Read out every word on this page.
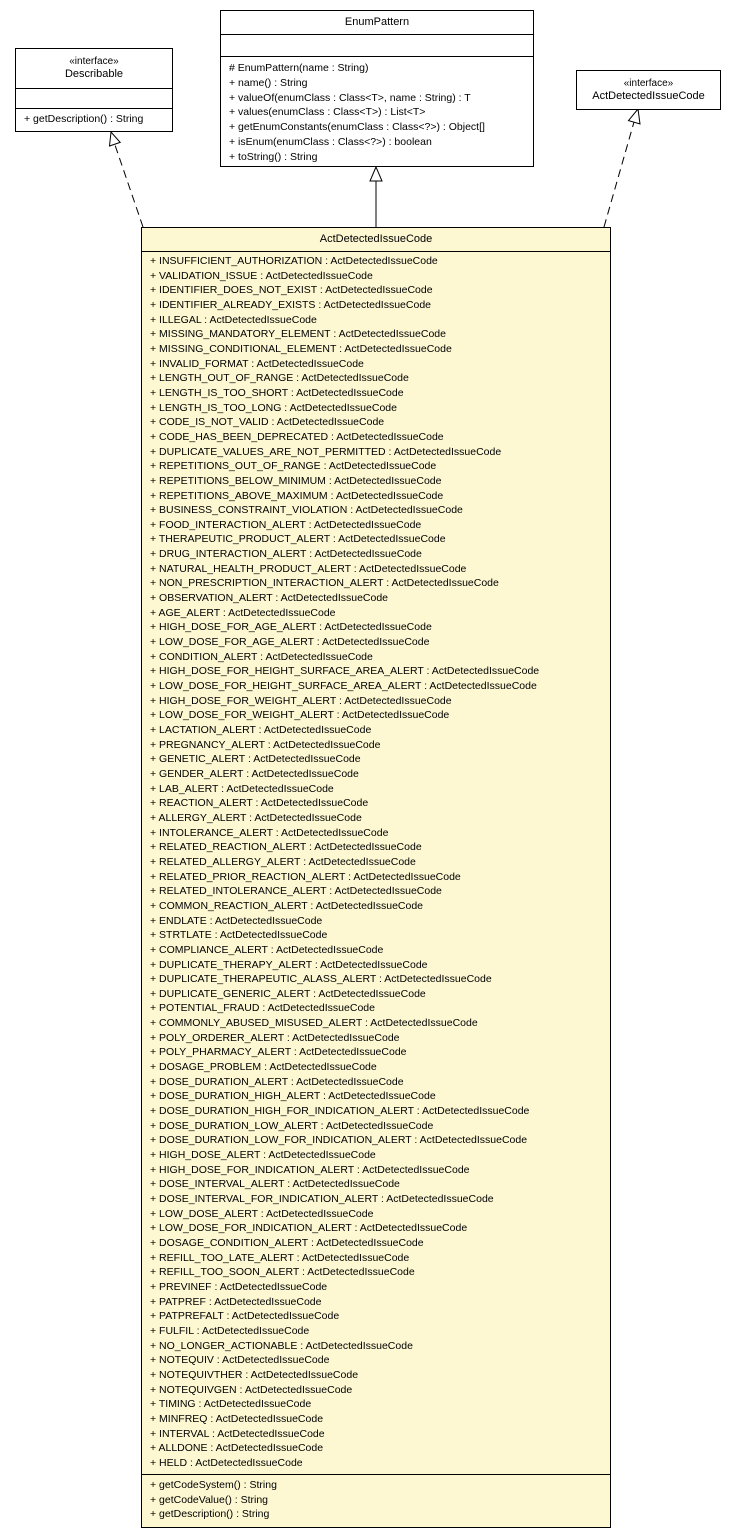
«interface»
Describable
+ getDescription() : String
EnumPattern
# EnumPattern(name : String)
+ name() : String
+ valueOf(enumClass : Class<T>, name : String) : T
+ values(enumClass : Class<T>) : List<T>
+ getEnumConstants(enumClass : Class<?>) : Object[]
+ isEnum(enumClass : Class<?>) : boolean
+ toString() : String
«interface»
ActDetectedIssueCode
ActDetectedIssueCode
+ INSUFFICIENT_AUTHORIZATION : ActDetectedIssueCode
+ VALIDATION_ISSUE : ActDetectedIssueCode
+ IDENTIFIER_DOES_NOT_EXIST : ActDetectedIssueCode
+ IDENTIFIER_ALREADY_EXISTS : ActDetectedIssueCode
+ ILLEGAL : ActDetectedIssueCode
+ MISSING_MANDATORY_ELEMENT : ActDetectedIssueCode
+ MISSING_CONDITIONAL_ELEMENT : ActDetectedIssueCode
+ INVALID_FORMAT : ActDetectedIssueCode
+ LENGTH_OUT_OF_RANGE : ActDetectedIssueCode
+ LENGTH_IS_TOO_SHORT : ActDetectedIssueCode
+ LENGTH_IS_TOO_LONG : ActDetectedIssueCode
+ CODE_IS_NOT_VALID : ActDetectedIssueCode
+ CODE_HAS_BEEN_DEPRECATED : ActDetectedIssueCode
+ DUPLICATE_VALUES_ARE_NOT_PERMITTED : ActDetectedIssueCode
+ REPETITIONS_OUT_OF_RANGE : ActDetectedIssueCode
+ REPETITIONS_BELOW_MINIMUM : ActDetectedIssueCode
+ REPETITIONS_ABOVE_MAXIMUM : ActDetectedIssueCode
+ BUSINESS_CONSTRAINT_VIOLATION : ActDetectedIssueCode
+ FOOD_INTERACTION_ALERT : ActDetectedIssueCode
+ THERAPEUTIC_PRODUCT_ALERT : ActDetectedIssueCode
+ DRUG_INTERACTION_ALERT : ActDetectedIssueCode
+ NATURAL_HEALTH_PRODUCT_ALERT : ActDetectedIssueCode
+ NON_PRESCRIPTION_INTERACTION_ALERT : ActDetectedIssueCode
+ OBSERVATION_ALERT : ActDetectedIssueCode
+ AGE_ALERT : ActDetectedIssueCode
+ HIGH_DOSE_FOR_AGE_ALERT : ActDetectedIssueCode
+ LOW_DOSE_FOR_AGE_ALERT : ActDetectedIssueCode
+ CONDITION_ALERT : ActDetectedIssueCode
+ HIGH_DOSE_FOR_HEIGHT_SURFACE_AREA_ALERT : ActDetectedIssueCode
+ LOW_DOSE_FOR_HEIGHT_SURFACE_AREA_ALERT : ActDetectedIssueCode
+ HIGH_DOSE_FOR_WEIGHT_ALERT : ActDetectedIssueCode
+ LOW_DOSE_FOR_WEIGHT_ALERT : ActDetectedIssueCode
+ LACTATION_ALERT : ActDetectedIssueCode
+ PREGNANCY_ALERT : ActDetectedIssueCode
+ GENETIC_ALERT : ActDetectedIssueCode
+ GENDER_ALERT : ActDetectedIssueCode
+ LAB_ALERT : ActDetectedIssueCode
+ REACTION_ALERT : ActDetectedIssueCode
+ ALLERGY_ALERT : ActDetectedIssueCode
+ INTOLERANCE_ALERT : ActDetectedIssueCode
+ RELATED_REACTION_ALERT : ActDetectedIssueCode
+ RELATED_ALLERGY_ALERT : ActDetectedIssueCode
+ RELATED_PRIOR_REACTION_ALERT : ActDetectedIssueCode
+ RELATED_INTOLERANCE_ALERT : ActDetectedIssueCode
+ COMMON_REACTION_ALERT : ActDetectedIssueCode
+ ENDLATE : ActDetectedIssueCode
+ STRTLATE : ActDetectedIssueCode
+ COMPLIANCE_ALERT : ActDetectedIssueCode
+ DUPLICATE_THERAPY_ALERT : ActDetectedIssueCode
+ DUPLICATE_THERAPEUTIC_ALASS_ALERT : ActDetectedIssueCode
+ DUPLICATE_GENERIC_ALERT : ActDetectedIssueCode
+ POTENTIAL_FRAUD : ActDetectedIssueCode
+ COMMONLY_ABUSED_MISUSED_ALERT : ActDetectedIssueCode
+ POLY_ORDERER_ALERT : ActDetectedIssueCode
+ POLY_PHARMACY_ALERT : ActDetectedIssueCode
+ DOSAGE_PROBLEM : ActDetectedIssueCode
+ DOSE_DURATION_ALERT : ActDetectedIssueCode
+ DOSE_DURATION_HIGH_ALERT : ActDetectedIssueCode
+ DOSE_DURATION_HIGH_FOR_INDICATION_ALERT : ActDetectedIssueCode
+ DOSE_DURATION_LOW_ALERT : ActDetectedIssueCode
+ DOSE_DURATION_LOW_FOR_INDICATION_ALERT : ActDetectedIssueCode
+ HIGH_DOSE_ALERT : ActDetectedIssueCode
+ HIGH_DOSE_FOR_INDICATION_ALERT : ActDetectedIssueCode
+ DOSE_INTERVAL_ALERT : ActDetectedIssueCode
+ DOSE_INTERVAL_FOR_INDICATION_ALERT : ActDetectedIssueCode
+ LOW_DOSE_ALERT : ActDetectedIssueCode
+ LOW_DOSE_FOR_INDICATION_ALERT : ActDetectedIssueCode
+ DOSAGE_CONDITION_ALERT : ActDetectedIssueCode
+ REFILL_TOO_LATE_ALERT : ActDetectedIssueCode
+ REFILL_TOO_SOON_ALERT : ActDetectedIssueCode
+ PREVINEF : ActDetectedIssueCode
+ PATPREF : ActDetectedIssueCode
+ PATPREFALT : ActDetectedIssueCode
+ FULFIL : ActDetectedIssueCode
+ NO_LONGER_ACTIONABLE : ActDetectedIssueCode
+ NOTEQUIV : ActDetectedIssueCode
+ NOTEQUIVTHER : ActDetectedIssueCode
+ NOTEQUIVGEN : ActDetectedIssueCode
+ TIMING : ActDetectedIssueCode
+ MINFREQ : ActDetectedIssueCode
+ INTERVAL : ActDetectedIssueCode
+ ALLDONE : ActDetectedIssueCode
+ HELD : ActDetectedIssueCode
+ getCodeSystem() : String
+ getCodeValue() : String
+ getDescription() : String
